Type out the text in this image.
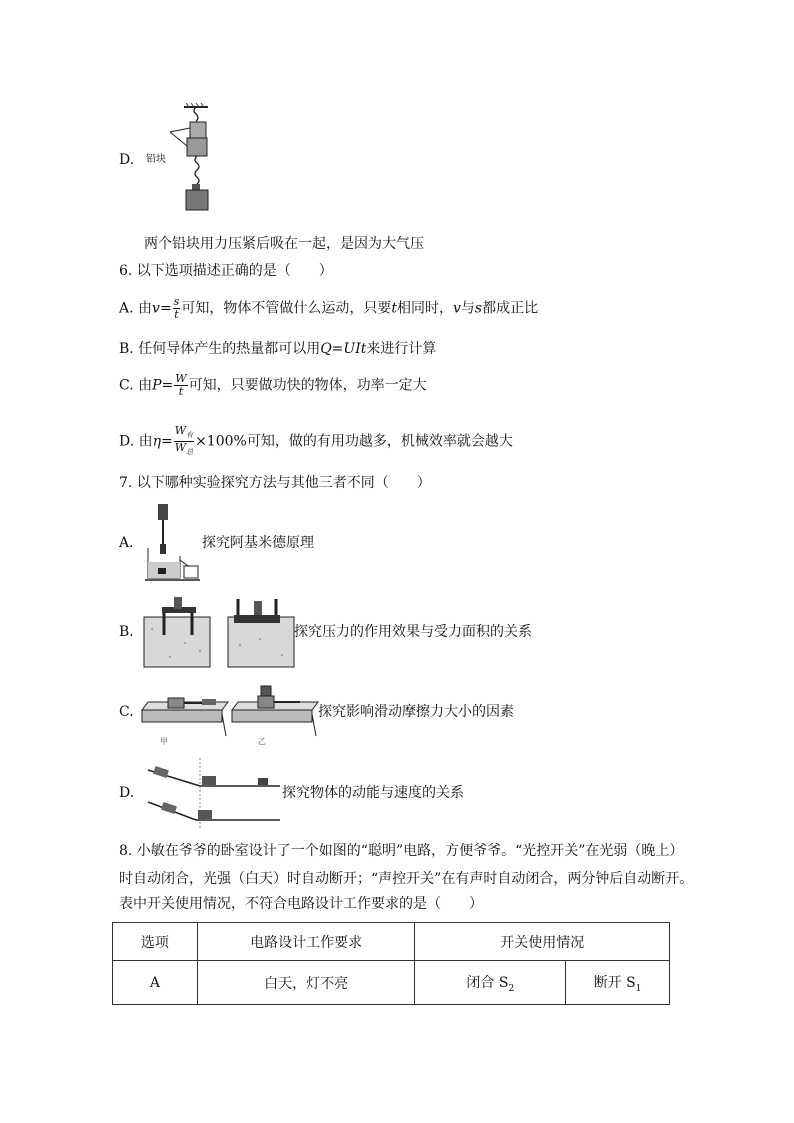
D. 铅块
两个铅块用力压紧后吸在一起，是因为大气压
6. 以下选项描述正确的是（　　）
A. 由$v= \frac{s}{t}$ 可知，物体不管做什么运动，只要t相同时，v与s都成正比
B. 任何导体产生的热量都可以用Q=UIt来进行计算
C. 由$P= \frac{W}{t}$ 可知，只要做功快的物体，功率一定大
D. 由$\eta= \frac{W_有}{W_总} \times 100\%$可知，做的有用功越多，机械效率就会越大
7. 以下哪种实验探究方法与其他三者不同（　　）
A.	探究阿基米德原理
B.	探究压力的作用效果与受力面积的关系
C.
甲	乙
探究影响滑动摩擦力大小的因素
D.	探究物体的动能与速度的关系
8. 小敏在爷爷的卧室设计了一个如图的“聪明”电路，方便爷爷。“光控开关”在光弱（晚上）
时自动闭合，光强（白天）时自动断开；“声控开关”在有声时自动闭合，两分钟后自动断开。
表中开关使用情况，不符合电路设计工作要求的是（　　）
选项	电路设计工作要求	开关使用情况	
A	白天，灯不亮	闭合 $S_2$	断开 $S_1$
